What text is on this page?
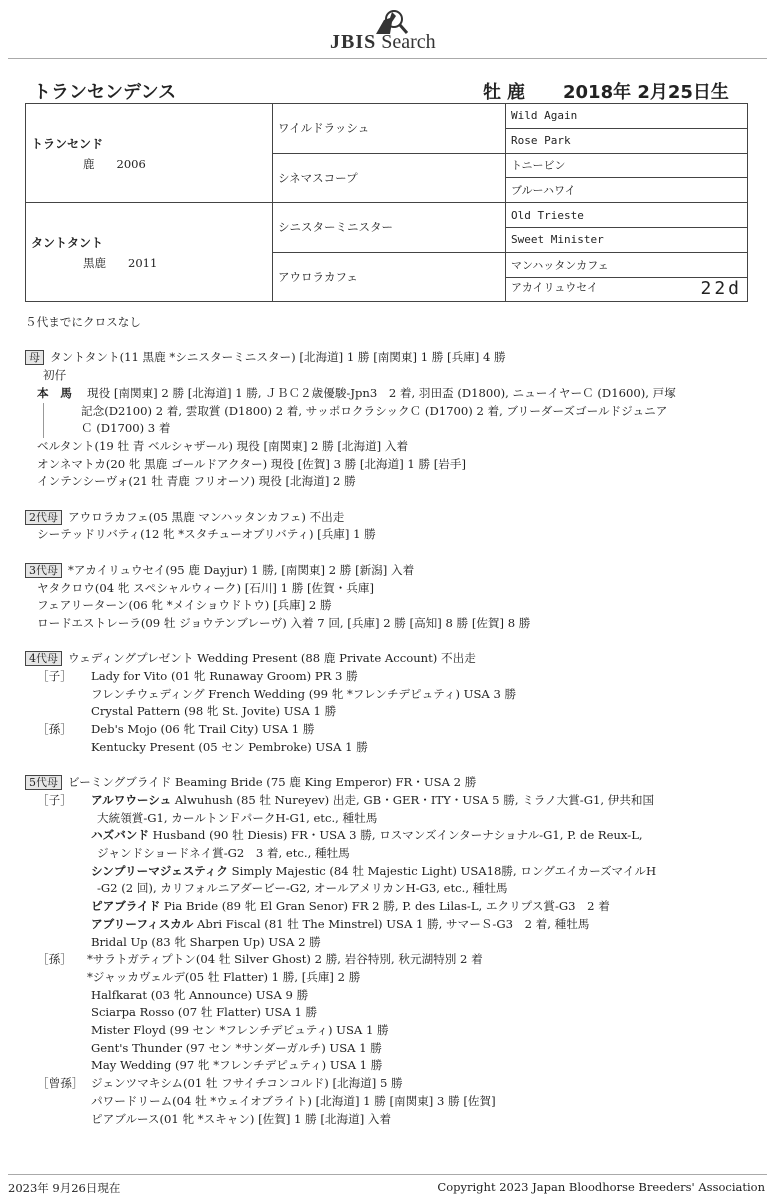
JBIS Search
トランセンデンス	牡鹿 2018年 2月25日生
トランセンド
鹿 2006	ワイルドラッシュ	Wild Again
		Rose Park
	シネマスコープ	トニービン
		ブルーハワイ

タントタント
黒鹿 2011	シニスターミニスター	Old Trieste
		Sweet Minister
	アウロラカフェ	マンハッタンカフェ
		アカイリュウセイ 22d
５代までにクロスなし
母 タントタント(11 黒鹿 *シニスターミニスター) [北海道] 1 勝 [南関東] 1 勝 [兵庫] 4 勝
初仔
本　馬 現役 [南関東] 2 勝 [北海道] 1 勝, ＪＢＣ２歳優駿-Jpn3　2 着, 羽田盃 (D1800), ニューイヤーＣ (D1600), 戸塚
記念(D2100) 2 着, 雲取賞 (D1800) 2 着, サッポロクラシックＣ (D1700) 2 着, ブリーダーズゴールドジュニア
Ｃ (D1700) 3 着
ベルタント(19 牡 青 ベルシャザール) 現役 [南関東] 2 勝 [北海道] 入着
オンネマトカ(20 牝 黒鹿 ゴールドアクター) 現役 [佐賀] 3 勝 [北海道] 1 勝 [岩手]
インテンシーヴォ(21 牡 青鹿 フリオーソ) 現役 [北海道] 2 勝
2代母 アウロラカフェ(05 黒鹿 マンハッタンカフェ) 不出走
シーテッドリバティ(12 牝 *スタチューオブリバティ) [兵庫] 1 勝
3代母 *アカイリュウセイ(95 鹿 Dayjur) 1 勝, [南関東] 2 勝 [新潟] 入着
ヤタクロウ(04 牝 スペシャルウィーク) [石川] 1 勝 [佐賀・兵庫]
フェアリーターン(06 牝 *メイショウドトウ) [兵庫] 2 勝
ロードエストレーラ(09 牡 ジョウテンブレーヴ) 入着 7 回, [兵庫] 2 勝 [高知] 8 勝 [佐賀] 8 勝
4代母 ウェディングプレゼント Wedding Present (88 鹿 Private Account) 不出走
［子］ Lady for Vito (01 牝 Runaway Groom) PR 3 勝
フレンチウェディング French Wedding (99 牝 *フレンチデピュティ) USA 3 勝
Crystal Pattern (98 牝 St. Jovite) USA 1 勝
［孫］ Deb's Mojo (06 牝 Trail City) USA 1 勝
Kentucky Present (05 セン Pembroke) USA 1 勝
5代母 ビーミングブライド Beaming Bride (75 鹿 King Emperor) FR・USA 2 勝
［子］ アルワウーシュ Alwuhush (85 牡 Nureyev) 出走, GB・GER・ITY・USA 5 勝, ミラノ大賞-G1, 伊共和国
大統領賞-G1, カールトンＦパークH-G1, etc., 種牡馬
ハズバンド Husband (90 牡 Diesis) FR・USA 3 勝, ロスマンズインターナショナル-G1, P. de Reux-L,
ジャンドショードネイ賞-G2　3 着, etc., 種牡馬
シンプリーマジェスティク Simply Majestic (84 牡 Majestic Light) USA18勝, ロングエイカーズマイルH
-G2 (2 回), カリフォルニアダービー-G2, オールアメリカンH-G3, etc., 種牡馬
ピアブライド Pia Bride (89 牝 El Gran Senor) FR 2 勝, P. des Lilas-L, エクリプス賞-G3　2 着
アブリーフィスカル Abri Fiscal (81 牡 The Minstrel) USA 1 勝, サマーＳ-G3　2 着, 種牡馬
Bridal Up (83 牝 Sharpen Up) USA 2 勝
［孫］ *サラトガティプトン(04 牡 Silver Ghost) 2 勝, 岩谷特別, 秋元湖特別 2 着
*ジャッカヴェルデ(05 牡 Flatter) 1 勝, [兵庫] 2 勝
Halfkarat (03 牝 Announce) USA 9 勝
Sciarpa Rosso (07 牡 Flatter) USA 1 勝
Mister Floyd (99 セン *フレンチデピュティ) USA 1 勝
Gent's Thunder (97 セン *サンダーガルチ) USA 1 勝
May Wedding (97 牝 *フレンチデピュティ) USA 1 勝
［曾孫］ ジェンツマキシム(01 牡 フサイチコンコルド) [北海道] 5 勝
パワードリーム(04 牡 *ウェイオブライト) [北海道] 1 勝 [南関東] 3 勝 [佐賀]
ピアブルース(01 牝 *スキャン) [佐賀] 1 勝 [北海道] 入着
2023年 9月26日現在	Copyright 2023 Japan Bloodhorse Breeders' Association
